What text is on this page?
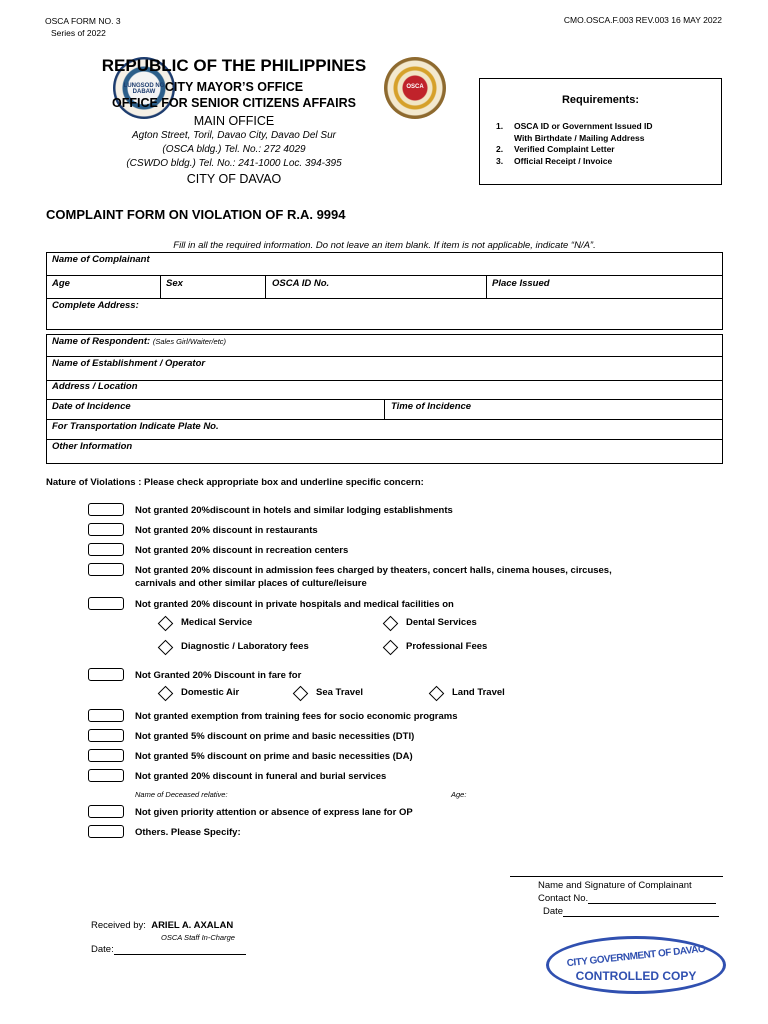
OSCA FORM NO. 3
Series of 2022
CMO.OSCA.F.003 REV.003 16 MAY 2022
LUNGSOD NG DABAW
OSCA
REPUBLIC OF THE PHILIPPINES
CITY MAYOR’S OFFICE
OFFICE FOR SENIOR CITIZENS AFFAIRS
MAIN OFFICE
Agton Street, Toril, Davao City, Davao Del Sur
(OSCA bldg.) Tel. No.: 272 4029
(CSWDO bldg.) Tel. No.: 241-1000 Loc. 394-395
CITY OF DAVAO
Requirements:
1.	OSCA ID or Government Issued ID
With Birthdate / Mailing Address
2.	Verified Complaint Letter
3.	Official Receipt / Invoice
COMPLAINT FORM ON VIOLATION OF R.A. 9994
Fill in all the required information. Do not leave an item blank. If item is not applicable, indicate “N/A”.
Name of Complainant
Age	Sex	OSCA ID No.	Place Issued
Complete Address:
Name of Respondent: (Sales Girl/Waiter/etc)
Name of Establishment / Operator
Address / Location
Date of Incidence	Time of Incidence
For Transportation Indicate Plate No.
Other Information
Nature of Violations : Please check appropriate box and underline specific concern:
Not granted 20%discount in hotels and similar lodging establishments
Not granted 20% discount in restaurants
Not granted 20% discount in recreation centers
Not granted 20% discount in admission fees charged by theaters, concert halls, cinema houses, circuses,
carnivals and other similar places of culture/leisure
Not granted 20% discount in private hospitals and medical facilities on
Medical Service	Dental Services
Diagnostic / Laboratory fees	Professional Fees
Not Granted 20% Discount in fare for
Domestic Air	Sea Travel	Land Travel
Not granted exemption from training fees for socio economic programs
Not granted 5% discount on prime and basic necessities (DTI)
Not granted 5% discount on prime and basic necessities (DA)
Not granted 20% discount in funeral and burial services
Name of Deceased relative:	Age:
Not given priority attention or absence of express lane for OP
Others. Please Specify:
Name and Signature of Complainant
Contact No.
Date
Received by: ARIEL A. AXALAN
OSCA Staff In-Charge
Date:	CITY GOVERNMENT OF DAVAO
CONTROLLED COPY
